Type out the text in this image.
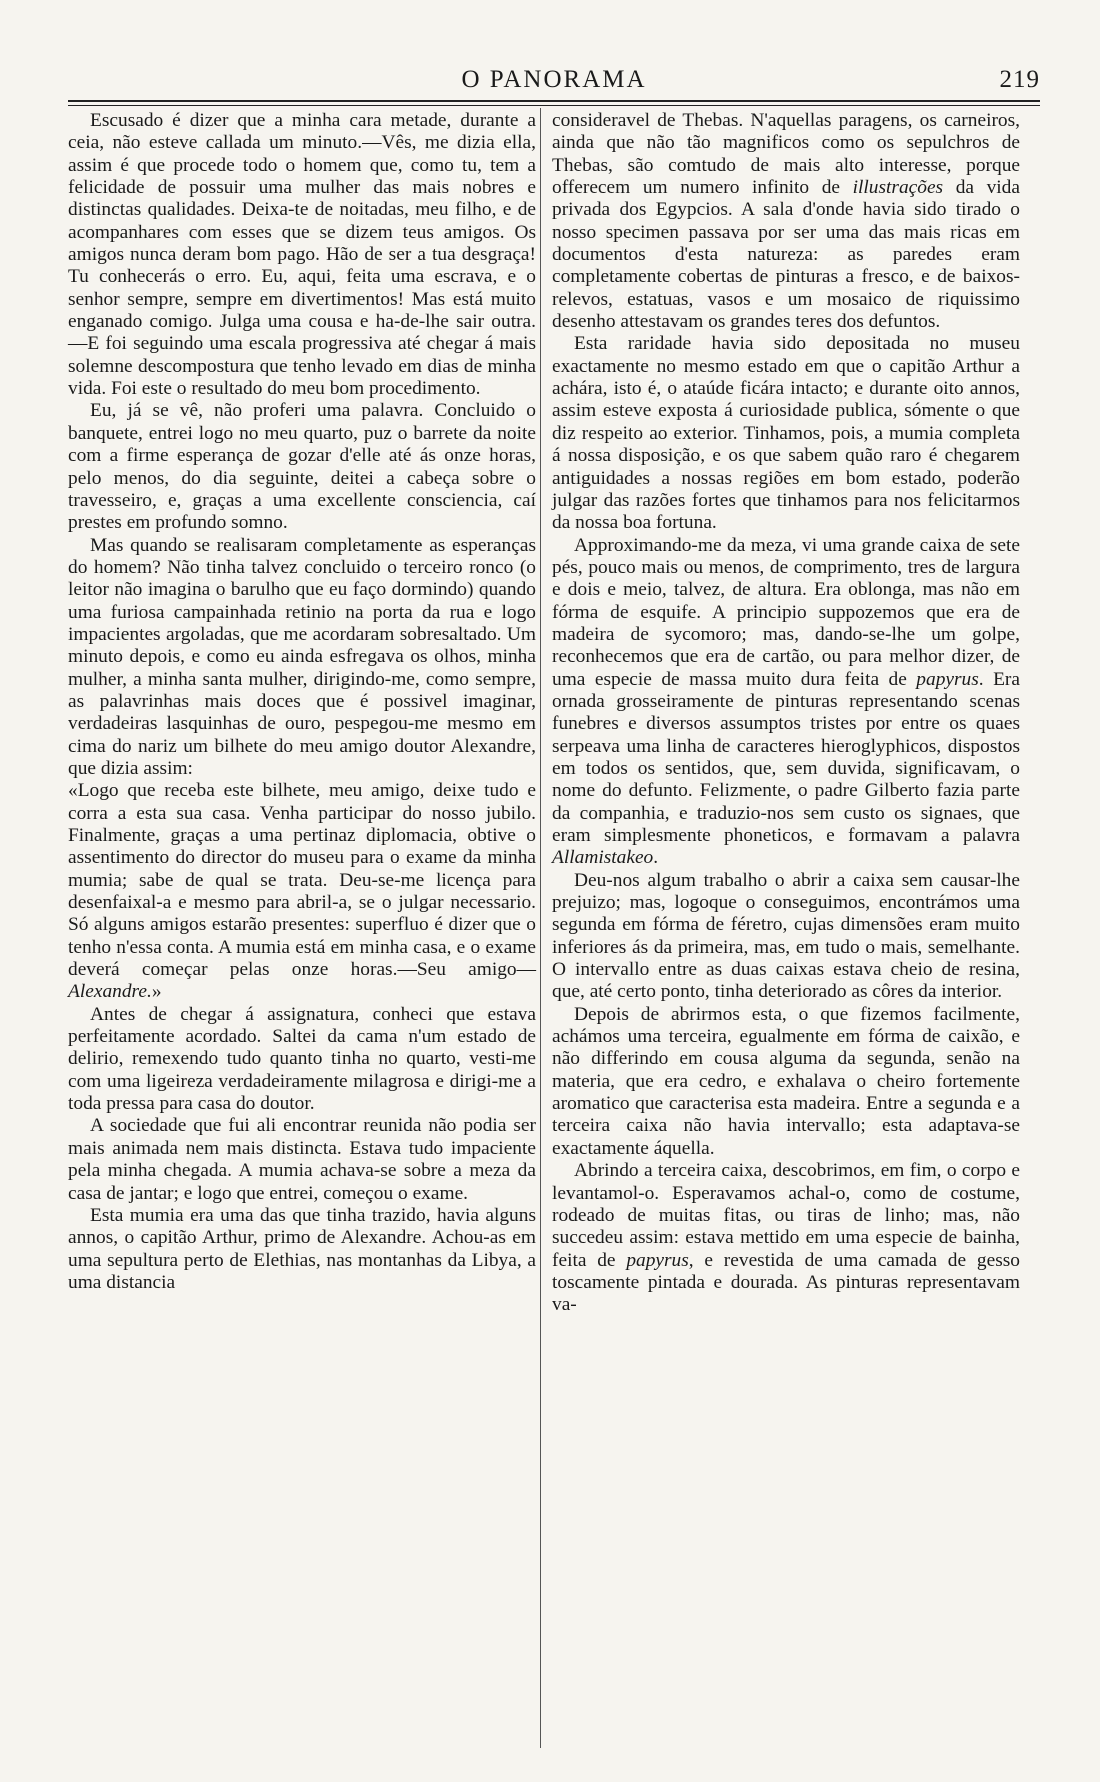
O PANORAMA	219

Escusado é dizer que a minha cara metade, durante a ceia, não esteve callada um minuto.—Vês, me dizia ella, assim é que procede todo o homem que, como tu, tem a felicidade de possuir uma mulher das mais nobres e distinctas qualidades. Deixa-te de noitadas, meu filho, e de acompanhares com esses que se dizem teus amigos. Os amigos nunca deram bom pago. Hão de ser a tua desgraça! Tu conhecerás o erro. Eu, aqui, feita uma escrava, e o senhor sempre, sempre em divertimentos! Mas está muito enganado comigo. Julga uma cousa e ha-de-lhe sair outra.—E foi seguindo uma escala progressiva até chegar á mais solemne descompostura que tenho levado em dias de minha vida. Foi este o resultado do meu bom procedimento.

Eu, já se vê, não proferi uma palavra. Concluido o banquete, entrei logo no meu quarto, puz o barrete da noite com a firme esperança de gozar d'elle até ás onze horas, pelo menos, do dia seguinte, deitei a cabeça sobre o travesseiro, e, graças a uma excellente consciencia, caí prestes em profundo somno.

Mas quando se realisaram completamente as esperanças do homem? Não tinha talvez concluido o terceiro ronco (o leitor não imagina o barulho que eu faço dormindo) quando uma furiosa campainhada retinio na porta da rua e logo impacientes argoladas, que me acordaram sobresaltado. Um minuto depois, e como eu ainda esfregava os olhos, minha mulher, a minha santa mulher, dirigindo-me, como sempre, as palavrinhas mais doces que é possivel imaginar, verdadeiras lasquinhas de ouro, pespegou-me mesmo em cima do nariz um bilhete do meu amigo doutor Alexandre, que dizia assim:

«Logo que receba este bilhete, meu amigo, deixe tudo e corra a esta sua casa. Venha participar do nosso jubilo. Finalmente, graças a uma pertinaz diplomacia, obtive o assentimento do director do museu para o exame da minha mumia; sabe de qual se trata. Deu-se-me licença para desenfaixal-a e mesmo para abril-a, se o julgar necessario. Só alguns amigos estarão presentes: superfluo é dizer que o tenho n'essa conta. A mumia está em minha casa, e o exame deverá começar pelas onze horas.—Seu amigo— Alexandre.»

Antes de chegar á assignatura, conheci que estava perfeitamente acordado. Saltei da cama n'um estado de delirio, remexendo tudo quanto tinha no quarto, vesti-me com uma ligeireza verdadeiramente milagrosa e dirigi-me a toda pressa para casa do doutor.

A sociedade que fui ali encontrar reunida não podia ser mais animada nem mais distincta. Estava tudo impaciente pela minha chegada. A mumia achava-se sobre a meza da casa de jantar; e logo que entrei, começou o exame.

Esta mumia era uma das que tinha trazido, havia alguns annos, o capitão Arthur, primo de Alexandre. Achou-as em uma sepultura perto de Elethias, nas montanhas da Libya, a uma distancia

consideravel de Thebas. N'aquellas paragens, os carneiros, ainda que não tão magnificos como os sepulchros de Thebas, são comtudo de mais alto interesse, porque offerecem um numero infinito de illustrações da vida privada dos Egypcios. A sala d'onde havia sido tirado o nosso specimen passava por ser uma das mais ricas em documentos d'esta natureza: as paredes eram completamente cobertas de pinturas a fresco, e de baixos-relevos, estatuas, vasos e um mosaico de riquissimo desenho attestavam os grandes teres dos defuntos.

Esta raridade havia sido depositada no museu exactamente no mesmo estado em que o capitão Arthur a achára, isto é, o ataúde ficára intacto; e durante oito annos, assim esteve exposta á curiosidade publica, sómente o que diz respeito ao exterior. Tinhamos, pois, a mumia completa á nossa disposição, e os que sabem quão raro é chegarem antiguidades a nossas regiões em bom estado, poderão julgar das razões fortes que tinhamos para nos felicitarmos da nossa boa fortuna.

Approximando-me da meza, vi uma grande caixa de sete pés, pouco mais ou menos, de comprimento, tres de largura e dois e meio, talvez, de altura. Era oblonga, mas não em fórma de esquife. A principio suppozemos que era de madeira de sycomoro; mas, dando-se-lhe um golpe, reconhecemos que era de cartão, ou para melhor dizer, de uma especie de massa muito dura feita de papyrus. Era ornada grosseiramente de pinturas representando scenas funebres e diversos assumptos tristes por entre os quaes serpeava uma linha de caracteres hieroglyphicos, dispostos em todos os sentidos, que, sem duvida, significavam, o nome do defunto. Felizmente, o padre Gilberto fazia parte da companhia, e traduzio-nos sem custo os signaes, que eram simplesmente phoneticos, e formavam a palavra Allamistakeo.

Deu-nos algum trabalho o abrir a caixa sem causar-lhe prejuizo; mas, logoque o conseguimos, encontrámos uma segunda em fórma de féretro, cujas dimensões eram muito inferiores ás da primeira, mas, em tudo o mais, semelhante. O intervallo entre as duas caixas estava cheio de resina, que, até certo ponto, tinha deteriorado as côres da interior.

Depois de abrirmos esta, o que fizemos facilmente, achámos uma terceira, egualmente em fórma de caixão, e não differindo em cousa alguma da segunda, senão na materia, que era cedro, e exhalava o cheiro fortemente aromatico que caracterisa esta madeira. Entre a segunda e a terceira caixa não havia intervallo; esta adaptava-se exactamente áquella.

Abrindo a terceira caixa, descobrimos, em fim, o corpo e levantamol-o. Esperavamos achal-o, como de costume, rodeado de muitas fitas, ou tiras de linho; mas, não succedeu assim: estava mettido em uma especie de bainha, feita de papyrus, e revestida de uma camada de gesso toscamente pintada e dourada. As pinturas representavam va-
